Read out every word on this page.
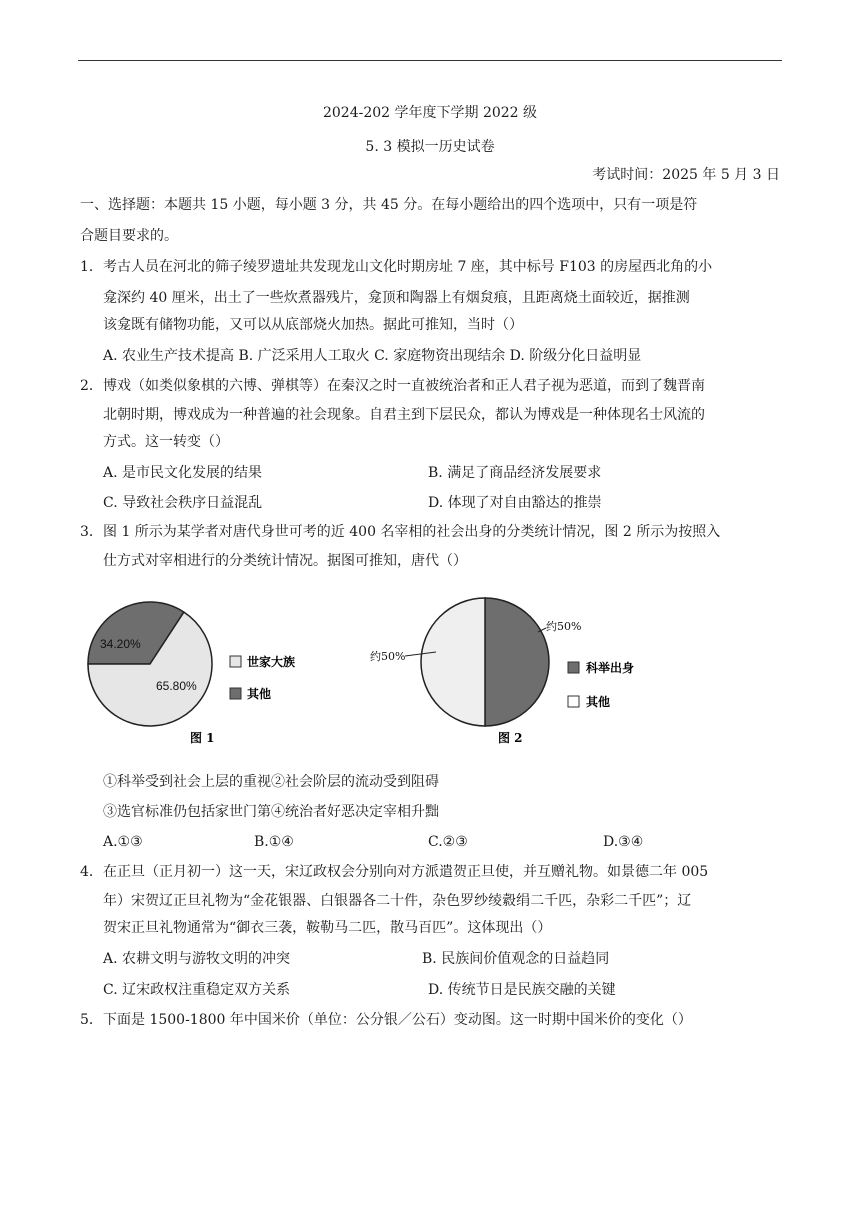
2024-202 学年度下学期 2022 级
5. 3 模拟一历史试卷
考试时间：2025 年 5 月 3 日
一、选择题：本题共 15 小题，每小题 3 分，共 45 分。在每小题给出的四个选项中，只有一项是符
合题目要求的。
1． 考古人员在河北的筛子绫罗遗址共发现龙山文化时期房址 7 座，其中标号 F103 的房屋西北角的小
龛深约 40 厘米，出土了一些炊煮器残片，龛顶和陶器上有烟炱痕，且距离烧土面较近，据推测
该龛既有储物功能，又可以从底部烧火加热。据此可推知，当时（）
A. 农业生产技术提高 B. 广泛采用人工取火 C. 家庭物资出现结余 D. 阶级分化日益明显
2． 博戏（如类似象棋的六博、弹棋等）在秦汉之时一直被统治者和正人君子视为恶道，而到了魏晋南
北朝时期，博戏成为一种普遍的社会现象。自君主到下层民众，都认为博戏是一种体现名士风流的
方式。这一转变（）
A. 是市民文化发展的结果	B. 满足了商品经济发展要求
C. 导致社会秩序日益混乱	D. 体现了对自由豁达的推崇
3． 图 1 所示为某学者对唐代身世可考的近 400 名宰相的社会出身的分类统计情况，图 2 所示为按照入
仕方式对宰相进行的分类统计情况。据图可推知，唐代（）
34.20%
65.80%
世家大族
其他
图 1
约50%
约50%
科举出身
其他
图 2
①科举受到社会上层的重视②社会阶层的流动受到阻碍
③选官标准仍包括家世门第④统治者好恶决定宰相升黜
A.①③	B.①④	C.②③	D.③④
4． 在正旦（正月初一）这一天，宋辽政权会分别向对方派遣贺正旦使，并互赠礼物。如景德二年 005
年）宋贺辽正旦礼物为“金花银器、白银器各二十件，杂色罗纱绫縠绢二千匹，杂彩二千匹”；辽
贺宋正旦礼物通常为“御衣三袭，鞍勒马二匹，散马百匹”。这体现出（）
A. 农耕文明与游牧文明的冲突	B. 民族间价值观念的日益趋同
C. 辽宋政权注重稳定双方关系	D. 传统节日是民族交融的关键
5． 下面是 1500-1800 年中国米价（单位：公分银／公石）变动图。这一时期中国米价的变化（）
